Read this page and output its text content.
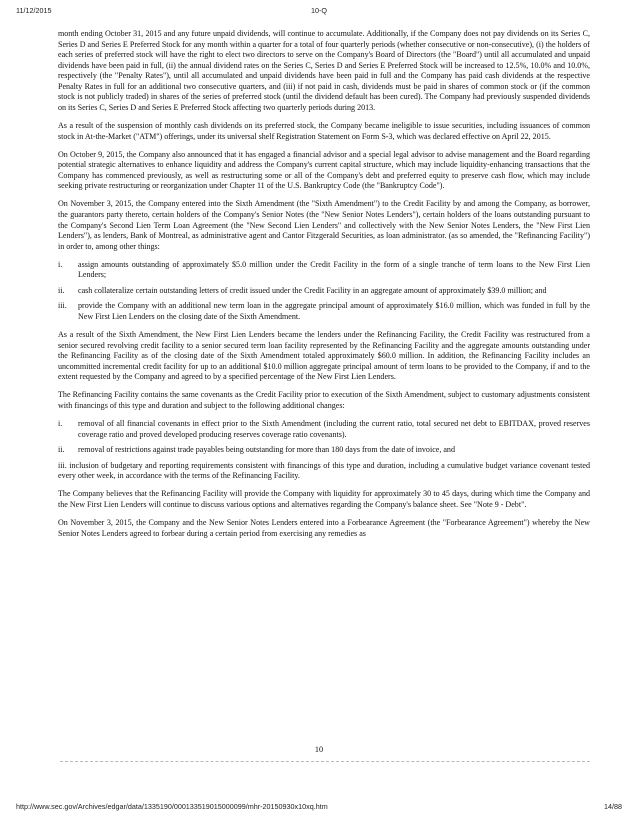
11/12/2015	10-Q

month ending October 31, 2015 and any future unpaid dividends, will continue to accumulate. Additionally, if the Company does not pay dividends on its Series C, Series D and Series E Preferred Stock for any month within a quarter for a total of four quarterly periods (whether consecutive or non-consecutive), (i) the holders of each series of preferred stock will have the right to elect two directors to serve on the Company's Board of Directors (the "Board") until all accumulated and unpaid dividends have been paid in full, (ii) the annual dividend rates on the Series C, Series D and Series E Preferred Stock will be increased to 12.5%, 10.0% and 10.0%, respectively (the "Penalty Rates"), until all accumulated and unpaid dividends have been paid in full and the Company has paid cash dividends at the respective Penalty Rates in full for an additional two consecutive quarters, and (iii) if not paid in cash, dividends must be paid in shares of common stock or (if the common stock is not publicly traded) in shares of the series of preferred stock (until the dividend default has been cured). The Company had previously suspended dividends on its Series C, Series D and Series E Preferred Stock affecting two quarterly periods during 2013.

As a result of the suspension of monthly cash dividends on its preferred stock, the Company became ineligible to issue securities, including issuances of common stock in At-the-Market ("ATM") offerings, under its universal shelf Registration Statement on Form S-3, which was declared effective on April 22, 2015.

On October 9, 2015, the Company also announced that it has engaged a financial advisor and a special legal advisor to advise management and the Board regarding potential strategic alternatives to enhance liquidity and address the Company's current capital structure, which may include liquidity-enhancing transactions that the Company has commenced previously, as well as restructuring some or all of the Company's debt and preferred equity to preserve cash flow, which may include seeking private restructuring or reorganization under Chapter 11 of the U.S. Bankruptcy Code (the "Bankruptcy Code").

On November 3, 2015, the Company entered into the Sixth Amendment (the "Sixth Amendment") to the Credit Facility by and among the Company, as borrower, the guarantors party thereto, certain holders of the Company's Senior Notes (the "New Senior Notes Lenders"), certain holders of the loans outstanding pursuant to the Company's Second Lien Term Loan Agreement (the "New Second Lien Lenders" and collectively with the New Senior Notes Lenders, the "New First Lien Lenders"), as lenders, Bank of Montreal, as administrative agent and Cantor Fitzgerald Securities, as loan administrator. (as so amended, the "Refinancing Facility") in order to, among other things:

i.	assign amounts outstanding of approximately $5.0 million under the Credit Facility in the form of a single tranche of term loans to the New First Lien Lenders;
ii.	cash collateralize certain outstanding letters of credit issued under the Credit Facility in an aggregate amount of approximately $39.0 million; and
iii.	provide the Company with an additional new term loan in the aggregate principal amount of approximately $16.0 million, which was funded in full by the New First Lien Lenders on the closing date of the Sixth Amendment.

As a result of the Sixth Amendment, the New First Lien Lenders became the lenders under the Refinancing Facility, the Credit Facility was restructured from a senior secured revolving credit facility to a senior secured term loan facility represented by the Refinancing Facility and the aggregate amounts outstanding under the Refinancing Facility as of the closing date of the Sixth Amendment totaled approximately $60.0 million. In addition, the Refinancing Facility includes an uncommitted incremental credit facility for up to an additional $10.0 million aggregate principal amount of term loans to be provided to the Company, if and to the extent requested by the Company and agreed to by a specified percentage of the New First Lien Lenders.

The Refinancing Facility contains the same covenants as the Credit Facility prior to execution of the Sixth Amendment, subject to customary adjustments consistent with financings of this type and duration and subject to the following additional changes:

i.	removal of all financial covenants in effect prior to the Sixth Amendment (including the current ratio, total secured net debt to EBITDAX, proved reserves coverage ratio and proved developed producing reserves coverage ratio covenants).
ii.	removal of restrictions against trade payables being outstanding for more than 180 days from the date of invoice, and
iii. inclusion of budgetary and reporting requirements consistent with financings of this type and duration, including a cumulative budget variance covenant tested every other week, in accordance with the terms of the Refinancing Facility.

The Company believes that the Refinancing Facility will provide the Company with liquidity for approximately 30 to 45 days, during which time the Company and the New First Lien Lenders will continue to discuss various options and alternatives regarding the Company's balance sheet. See "Note 9 - Debt".

On November 3, 2015, the Company and the New Senior Notes Lenders entered into a Forbearance Agreement (the "Forbearance Agreement") whereby the New Senior Notes Lenders agreed to forbear during a certain period from exercising any remedies as

10
http://www.sec.gov/Archives/edgar/data/1335190/000133519015000099/mhr-20150930x10xq.htm	14/88
